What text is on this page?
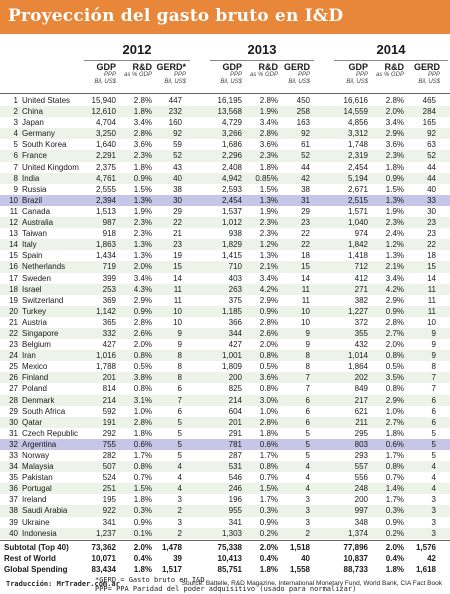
Proyección del gasto bruto en I&D
2012	2013	2014
GDP
PPP
Bil, US$
R&D
as % GDP
GERD*
PPP
Bil, US$
GDP
PPP
Bil, US$
R&D
as % GDP
GERD
PPP
Bil, US$
GDP
PPP
Bil, US$
R&D
as % GDP
GERD
PPP
Bil, US$
1 United States	15,940	2.8%	447	16,195	2.8%	450	16,616	2.8%	465
2 China	12,610	1.8%	232	13,568	1.9%	258	14,559	2.0%	284
3 Japan	4,704	3.4%	160	4,729	3.4%	163	4,856	3.4%	165
4 Germany	3,250	2.8%	92	3,266	2.8%	92	3,312	2.9%	92
5 South Korea	1,640	3.6%	59	1,686	3.6%	61	1,748	3.6%	63
6 France	2,291	2.3%	52	2,296	2.3%	52	2,319	2.3%	52
7 United Kingdom	2,375	1.8%	43	2,408	1.8%	44	2,454	1.8%	44
8 India	4,761	0.9%	40	4,942	0.85%	42	5,194	0.9%	44
9 Russia	2,555	1.5%	38	2,593	1.5%	38	2,671	1.5%	40
10 Brazil	2,394	1.3%	30	2,454	1.3%	31	2,515	1.3%	33
11 Canada	1,513	1.9%	29	1,537	1.9%	29	1,571	1.9%	30
12 Australia	987	2.3%	22	1,012	2.3%	23	1,040	2.3%	23
13 Taiwan	918	2.3%	21	938	2.3%	22	974	2.4%	23
14 Italy	1,863	1.3%	23	1,829	1.2%	22	1,842	1.2%	22
15 Spain	1,434	1.3%	19	1,415	1.3%	18	1,418	1.3%	18
16 Netherlands	719	2.0%	15	710	2.1%	15	712	2.1%	15
17 Sweden	399	3.4%	14	403	3.4%	14	412	3.4%	14
18 Israel	253	4.3%	11	263	4.2%	11	271	4.2%	11
19 Switzerland	369	2.9%	11	375	2.9%	11	382	2.9%	11
20 Turkey	1,142	0.9%	10	1,185	0.9%	10	1,227	0.9%	11
21 Austria	365	2.8%	10	366	2.8%	10	372	2.8%	10
22 Singapore	332	2.6%	9	344	2.6%	9	355	2.7%	9
23 Belgium	427	2.0%	9	427	2.0%	9	432	2.0%	9
24 Iran	1,016	0.8%	8	1,001	0.8%	8	1,014	0.8%	9
25 Mexico	1,788	0.5%	8	1,809	0.5%	8	1,864	0.5%	8
26 Finland	201	3.8%	8	200	3.6%	7	202	3.5%	7
27 Poland	814	0.8%	6	825	0.8%	7	849	0.8%	7
28 Denmark	214	3.1%	7	214	3.0%	6	217	2.9%	6
29 South Africa	592	1.0%	6	604	1.0%	6	621	1.0%	6
30 Qatar	191	2.8%	5	201	2.8%	6	211	2.7%	6
31 Czech Republic	292	1.8%	5	291	1.8%	5	295	1.8%	5
32 Argentina	755	0.6%	5	781	0.6%	5	803	0.6%	5
33 Norway	282	1.7%	5	287	1.7%	5	293	1.7%	5
34 Malaysia	507	0.8%	4	531	0.8%	4	557	0.8%	4
35 Pakistan	524	0.7%	4	546	0.7%	4	556	0.7%	4
36 Portugal	251	1.5%	4	246	1.5%	4	248	1.4%	4
37 Ireland	195	1.8%	3	196	1.7%	3	200	1.7%	3
38 Saudi Arabia	922	0.3%	2	955	0.3%	3	997	0.3%	3
39 Ukraine	341	0.9%	3	341	0.9%	3	348	0.9%	3
40 Indonesia	1,237	0.1%	2	1,303	0.2%	2	1,374	0.2%	3
Subtotal (Top 40)	73,362	2.0%	1,478	75,338	2.0%	1,518	77,896	2.0%	1,576
Rest of World	10,071	0.4%	39	10,413	0.4%	40	10,837	0.4%	42
Global Spending	83,434	1.8%	1,517	85,751	1.8%	1,558	88,733	1.8%	1,618
*GERD = Gasto bruto en I&D
PPP= PPA Paridad del poder adquisitivo (usado para normalizar)
Traducción: MrTrader.com.ar	Source: Battelle, R&D Magazine, International Monetary Fund, World Bank, CIA Fact Book
